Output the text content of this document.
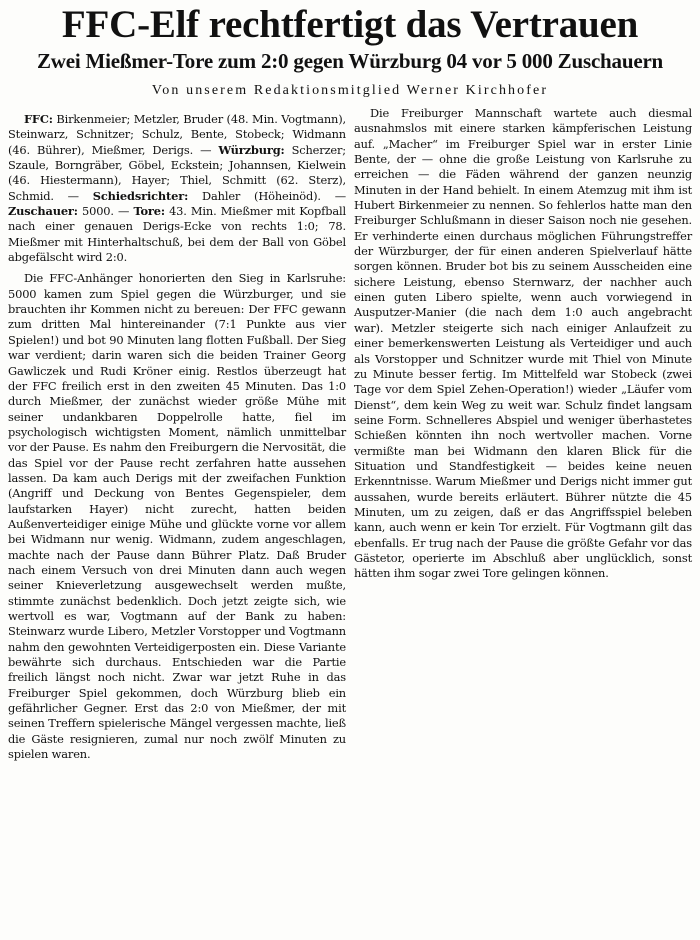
FFC-Elf rechtfertigt das Vertrauen
Zwei Mießmer-Tore zum 2:0 gegen Würzburg 04 vor 5 000 Zuschauern
Von unserem Redaktionsmitglied Werner Kirchhofer

FFC: Birkenmeier; Metzler, Bruder (48. Min. Vogtmann), Steinwarz, Schnitzer; Schulz, Bente, Stobeck; Widmann (46. Bührer), Mießmer, Derigs. — Würzburg: Scherzer; Szaule, Borngräber, Göbel, Eckstein; Johannsen, Kielwein (46. Hiestermann), Hayer; Thiel, Schmitt (62. Sterz), Schmid. — Schiedsrichter: Dahler (Höheinöd). — Zuschauer: 5000. — Tore: 43. Min. Mießmer mit Kopfball nach einer genauen Derigs-Ecke von rechts 1:0; 78. Mießmer mit Hinterhaltschuß, bei dem der Ball von Göbel abgefälscht wird 2:0.

Die FFC-Anhänger honorierten den Sieg in Karlsruhe: 5000 kamen zum Spiel gegen die Würzburger, und sie brauchten ihr Kommen nicht zu bereuen: Der FFC gewann zum dritten Mal hintereinander (7:1 Punkte aus vier Spielen!) und bot 90 Minuten lang flotten Fußball. Der Sieg war verdient; darin waren sich die beiden Trainer Georg Gawliczek und Rudi Kröner einig. Restlos überzeugt hat der FFC freilich erst in den zweiten 45 Minuten. Das 1:0 durch Mießmer, der zunächst wieder größe Mühe mit seiner undankbaren Doppelrolle hatte, fiel im psychologisch wichtigsten Moment, nämlich unmittelbar vor der Pause. Es nahm den Freiburgern die Nervosität, die das Spiel vor der Pause recht zerfahren hatte aussehen lassen. Da kam auch Derigs mit der zweifachen Funktion (Angriff und Deckung von Bentes Gegenspieler, dem laufstarken Hayer) nicht zurecht, hatten beiden Außenverteidiger einige Mühe und glückte vorne vor allem bei Widmann nur wenig. Widmann, zudem angeschlagen, machte nach der Pause dann Bührer Platz. Daß Bruder nach einem Versuch von drei Minuten dann auch wegen seiner Knieverletzung ausgewechselt werden mußte, stimmte zunächst bedenklich. Doch jetzt zeigte sich, wie wertvoll es war, Vogtmann auf der Bank zu haben: Steinwarz wurde Libero, Metzler Vorstopper und Vogtmann nahm den gewohnten Verteidigerposten ein. Diese Variante bewährte sich durchaus. Entschieden war die Partie freilich längst noch nicht. Zwar war jetzt Ruhe in das Freiburger Spiel gekommen, doch Würzburg blieb ein gefährlicher Gegner. Erst das 2:0 von Mießmer, der mit seinen Treffern spielerische Mängel vergessen machte, ließ die Gäste resignieren, zumal nur noch zwölf Minuten zu spielen waren.

Die Freiburger Mannschaft wartete auch diesmal ausnahmslos mit einere starken kämpferischen Leistung auf. „Macher“ im Freiburger Spiel war in erster Linie Bente, der — ohne die große Leistung von Karlsruhe zu erreichen — die Fäden während der ganzen neunzig Minuten in der Hand behielt. In einem Atemzug mit ihm ist Hubert Birkenmeier zu nennen. So fehlerlos hatte man den Freiburger Schlußmann in dieser Saison noch nie gesehen. Er verhinderte einen durchaus möglichen Führungstreffer der Würzburger, der für einen anderen Spielverlauf hätte sorgen können. Bruder bot bis zu seinem Ausscheiden eine sichere Leistung, ebenso Sternwarz, der nachher auch einen guten Libero spielte, wenn auch vorwiegend in Ausputzer-Manier (die nach dem 1:0 auch angebracht war). Metzler steigerte sich nach einiger Anlaufzeit zu einer bemerkenswerten Leistung als Verteidiger und auch als Vorstopper und Schnitzer wurde mit Thiel von Minute zu Minute besser fertig. Im Mittelfeld war Stobeck (zwei Tage vor dem Spiel Zehen-Operation!) wieder „Läufer vom Dienst“, dem kein Weg zu weit war. Schulz findet langsam seine Form. Schnelleres Abspiel und weniger überhastetes Schießen könnten ihn noch wertvoller machen. Vorne vermißte man bei Widmann den klaren Blick für die Situation und Standfestigkeit — beides keine neuen Erkenntnisse. Warum Mießmer und Derigs nicht immer gut aussahen, wurde bereits erläutert. Bührer nützte die 45 Minuten, um zu zeigen, daß er das Angriffsspiel beleben kann, auch wenn er kein Tor erzielt. Für Vogtmann gilt das ebenfalls. Er trug nach der Pause die größte Gefahr vor das Gästetor, operierte im Abschluß aber unglücklich, sonst hätten ihm sogar zwei Tore gelingen können.
